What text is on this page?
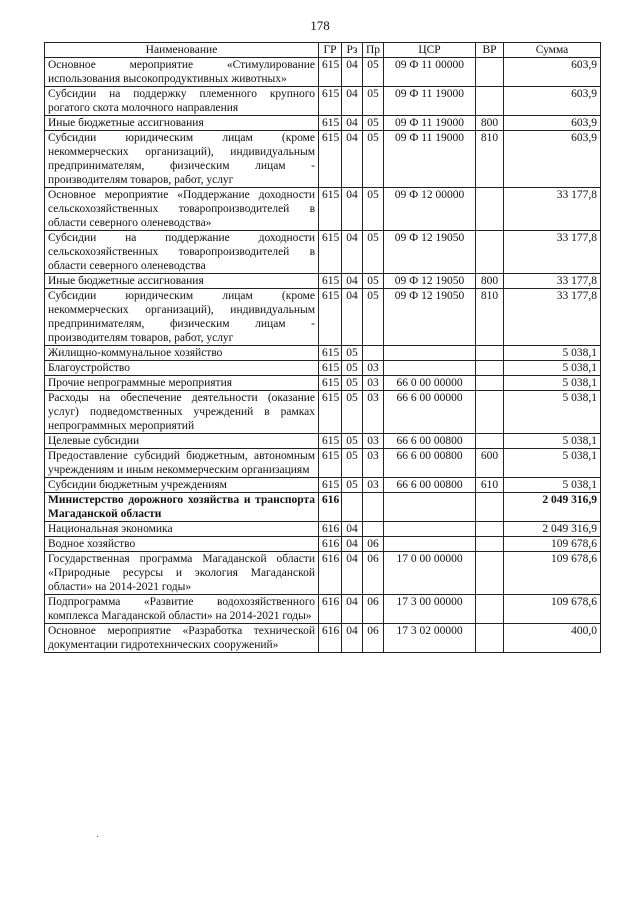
178
Наименование	ГР	Рз	Пр	ЦСР	ВР	Сумма
Основное мероприятие «Стимулирование использования высокопродуктивных животных»	615	04	05	09 Ф 11 00000		603,9
Субсидии на поддержку племенного крупного рогатого скота молочного направления	615	04	05	09 Ф 11 19000		603,9
Иные бюджетные ассигнования	615	04	05	09 Ф 11 19000	800	603,9
Субсидии юридическим лицам (кроме некоммерческих организаций), индивидуальным предпринимателям, физическим лицам - производителям товаров, работ, услуг	615	04	05	09 Ф 11 19000	810	603,9
Основное мероприятие «Поддержание доходности сельскохозяйственных товаропроизводителей в области северного оленеводства»	615	04	05	09 Ф 12 00000		33 177,8
Субсидии на поддержание доходности сельскохозяйственных товаропроизводителей в области северного оленеводства	615	04	05	09 Ф 12 19050		33 177,8
Иные бюджетные ассигнования	615	04	05	09 Ф 12 19050	800	33 177,8
Субсидии юридическим лицам (кроме некоммерческих организаций), индивидуальным предпринимателям, физическим лицам - производителям товаров, работ, услуг	615	04	05	09 Ф 12 19050	810	33 177,8
Жилищно-коммунальное хозяйство	615	05				5 038,1
Благоустройство	615	05	03			5 038,1
Прочие непрограммные мероприятия	615	05	03	66 0 00 00000		5 038,1
Расходы на обеспечение деятельности (оказание услуг) подведомственных учреждений в рамках непрограммных мероприятий	615	05	03	66 6 00 00000		5 038,1
Целевые субсидии	615	05	03	66 6 00 00800		5 038,1
Предоставление субсидий бюджетным, автономным учреждениям и иным некоммерческим организациям	615	05	03	66 6 00 00800	600	5 038,1
Субсидии бюджетным учреждениям	615	05	03	66 6 00 00800	610	5 038,1
Министерство дорожного хозяйства и транспорта Магаданской области	616					2 049 316,9
Национальная экономика	616	04				2 049 316,9
Водное хозяйство	616	04	06			109 678,6
Государственная программа Магаданской области «Природные ресурсы и экология Магаданской области» на 2014-2021 годы»	616	04	06	17 0 00 00000		109 678,6
Подпрограмма «Развитие водохозяйственного комплекса Магаданской области» на 2014-2021 годы»	616	04	06	17 3 00 00000		109 678,6
Основное мероприятие «Разработка технической документации гидротехнических сооружений»	616	04	06	17 3 02 00000		400,0
·
